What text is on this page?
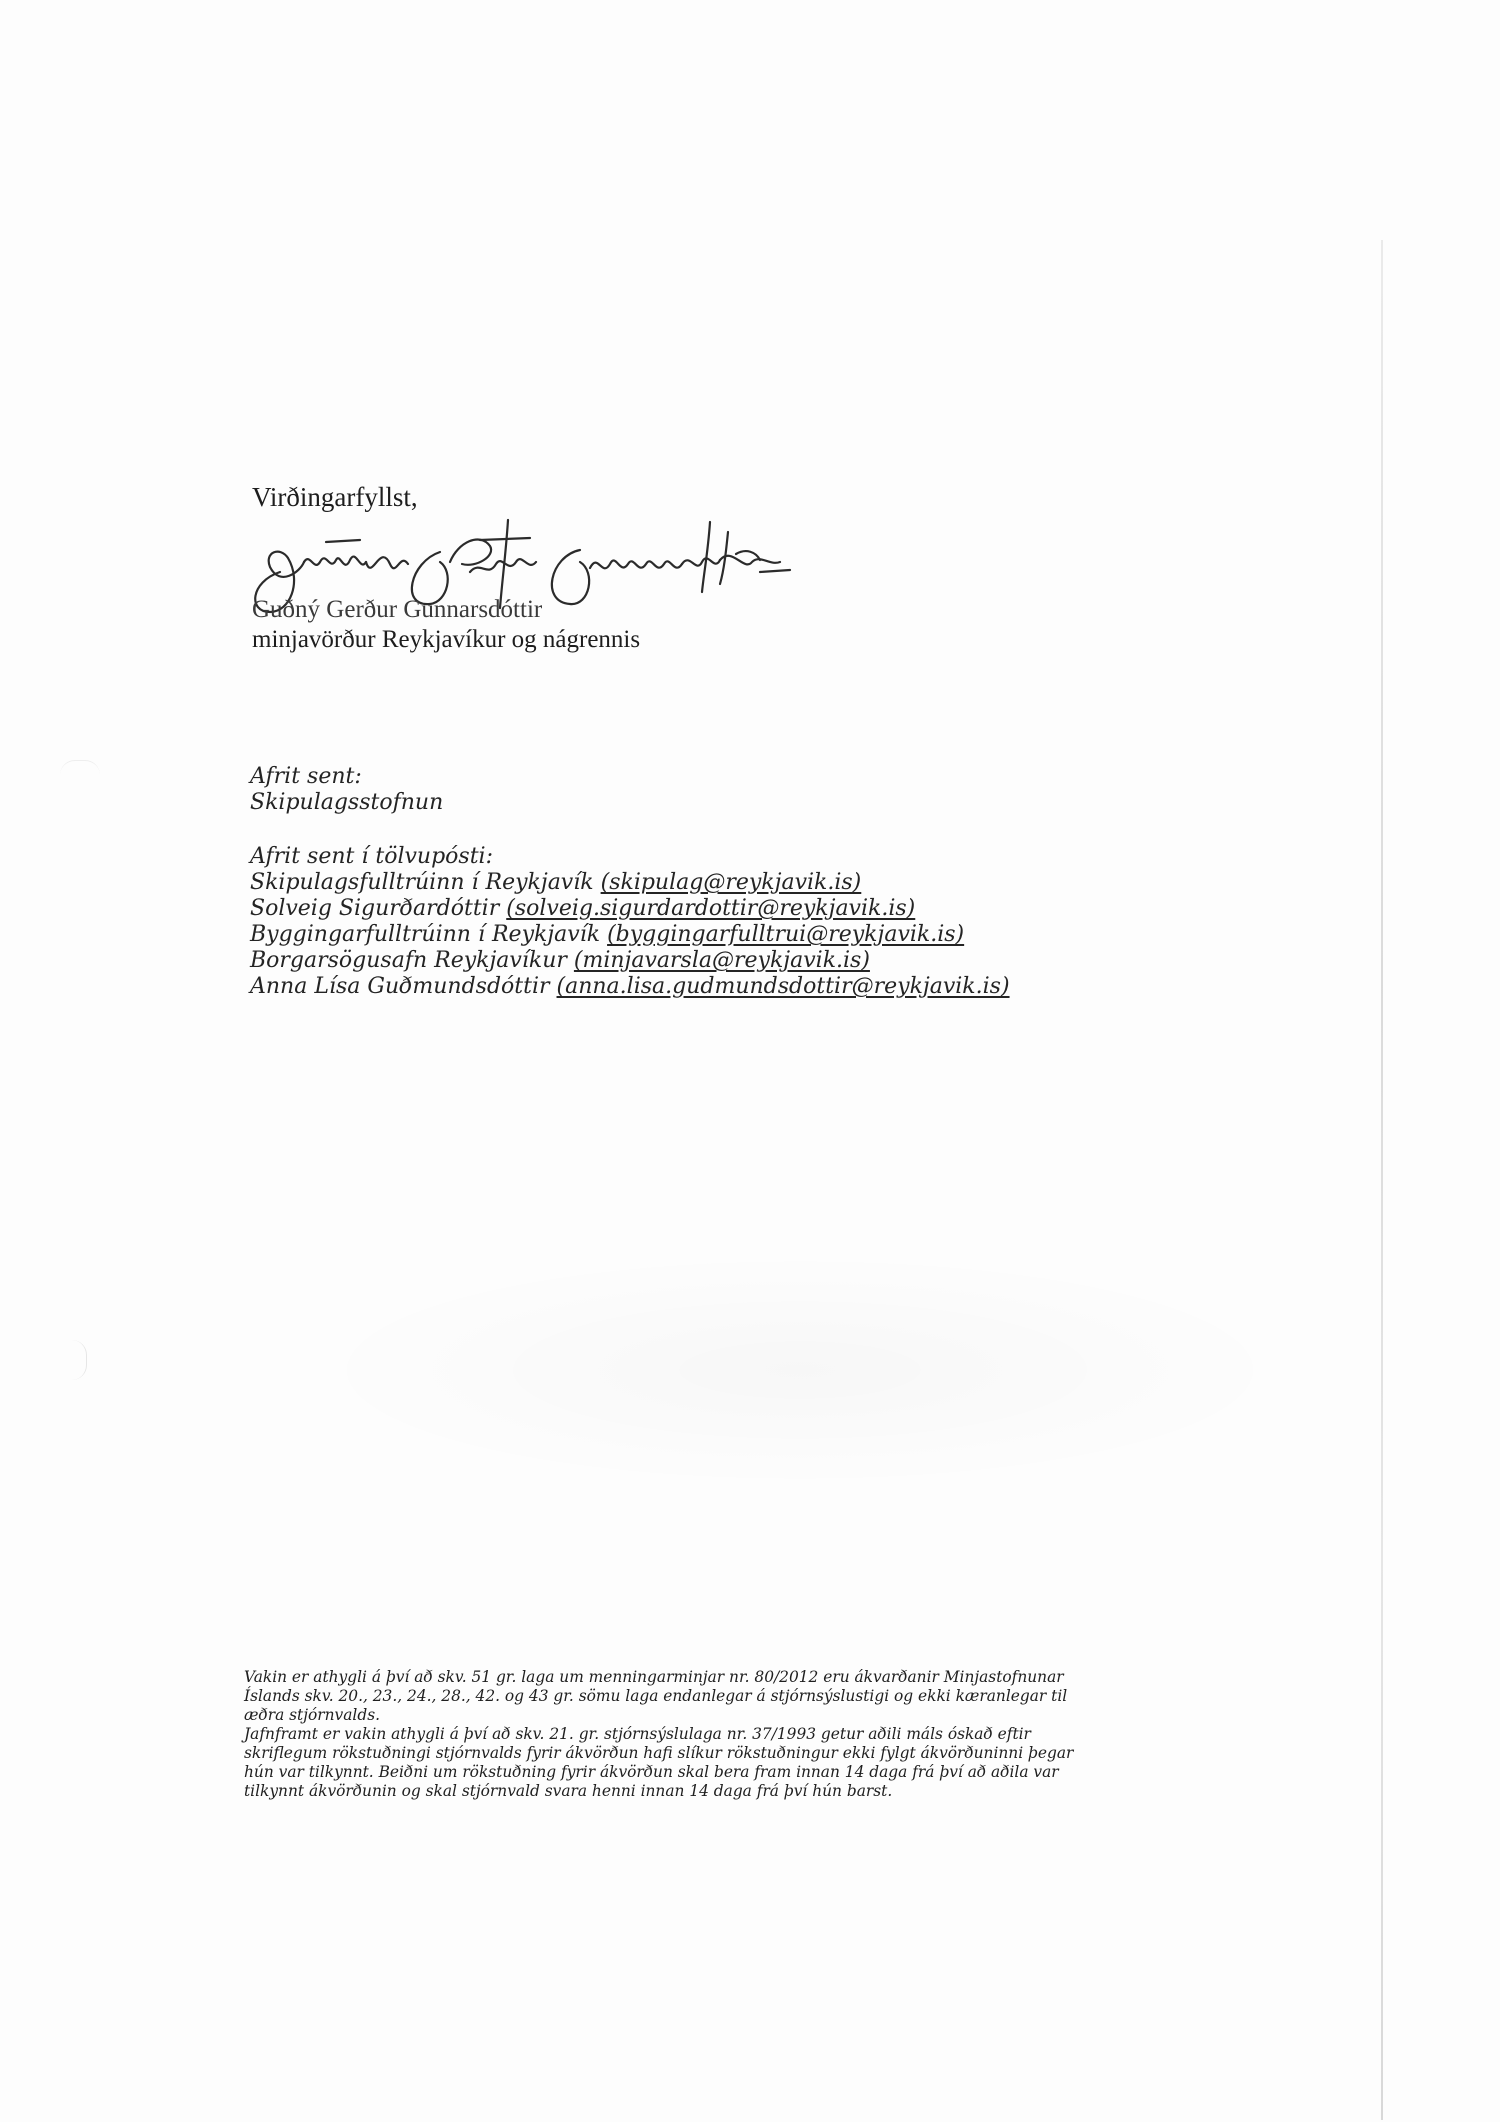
Virðingarfyllst,
Guðný Gerður Gunnarsdóttir
minjavörður Reykjavíkur og nágrennis
Afrit sent:
Skipulagsstofnun
Afrit sent í tölvupósti:
Skipulagsfulltrúinn í Reykjavík (skipulag@reykjavik.is)
Solveig Sigurðardóttir (solveig.sigurdardottir@reykjavik.is)
Byggingarfulltrúinn í Reykjavík (byggingarfulltrui@reykjavik.is)
Borgarsögusafn Reykjavíkur (minjavarsla@reykjavik.is)
Anna Lísa Guðmundsdóttir (anna.lisa.gudmundsdottir@reykjavik.is)

Vakin er athygli á því að skv. 51 gr. laga um menningarminjar nr. 80/2012 eru ákvarðanir Minjastofnunar Íslands skv. 20., 23., 24., 28., 42. og 43 gr. sömu laga endanlegar á stjórnsýslustigi og ekki kæranlegar til æðra stjórnvalds.

Jafnframt er vakin athygli á því að skv. 21. gr. stjórnsýslulaga nr. 37/1993 getur aðili máls óskað eftir skriflegum rökstuðningi stjórnvalds fyrir ákvörðun hafi slíkur rökstuðningur ekki fylgt ákvörðuninni þegar hún var tilkynnt. Beiðni um rökstuðning fyrir ákvörðun skal bera fram innan 14 daga frá því að aðila var tilkynnt ákvörðunin og skal stjórnvald svara henni innan 14 daga frá því hún barst.
